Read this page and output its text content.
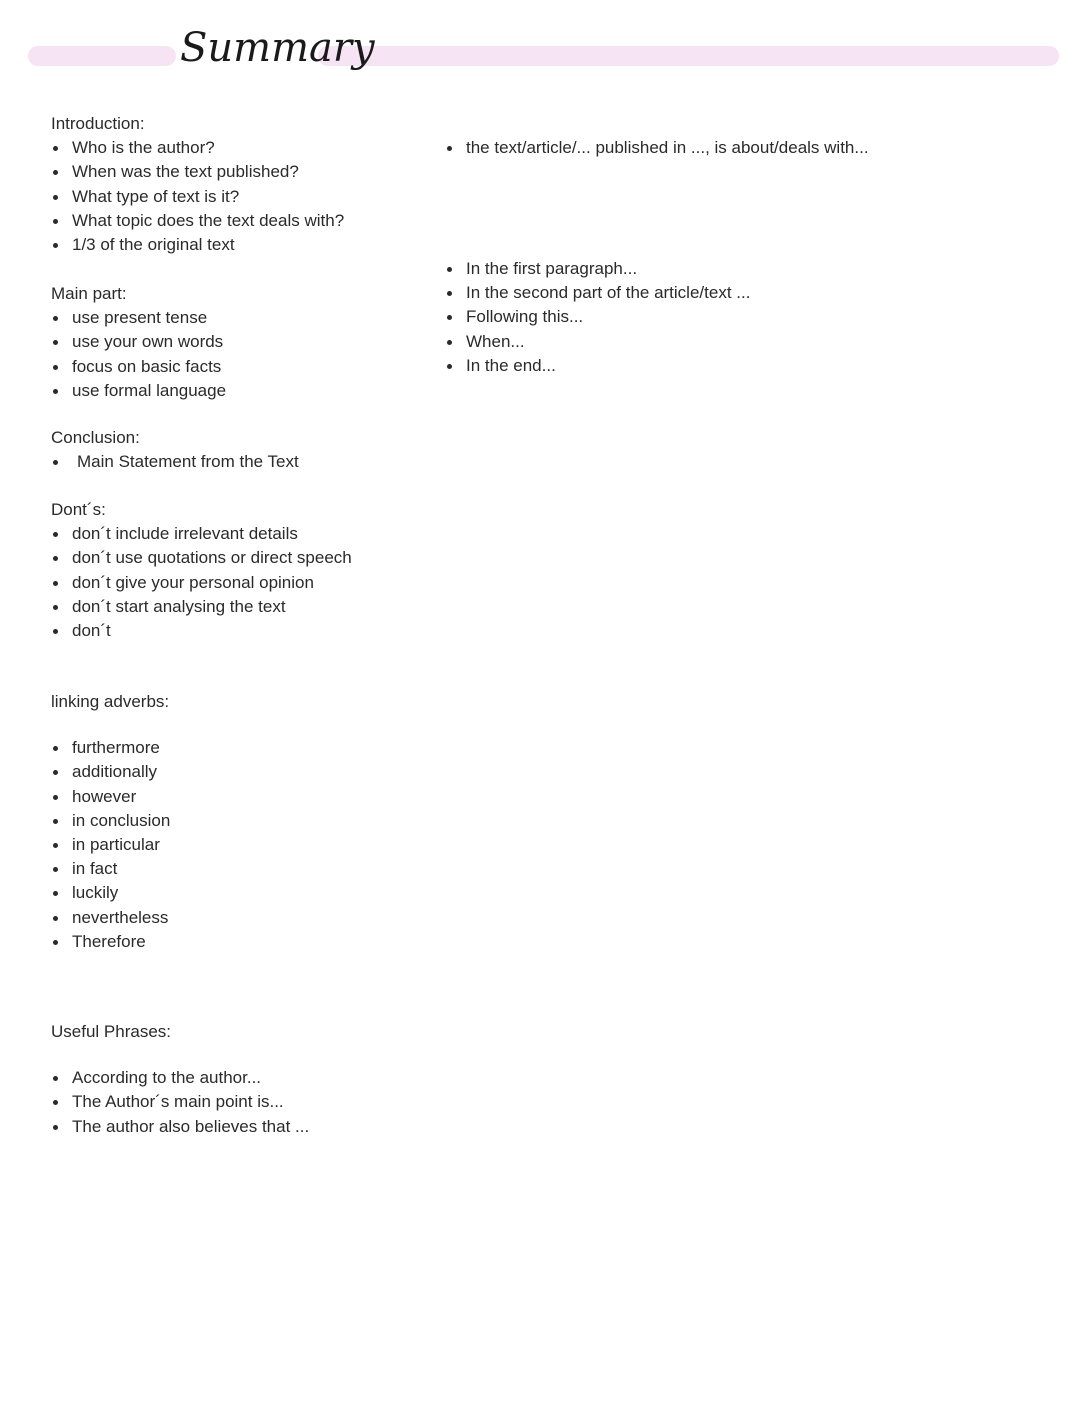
Summary

Introduction:

Who is the author?
When was the text published?
What type of text is it?
What topic does the text deals with?
1/3 of the original text

Main part:

use present tense
use your own words
focus on basic facts
use formal language

Conclusion:

Main Statement from the Text

Dont´s:

don´t include irrelevant details
don´t use quotations or direct speech
don´t give your personal opinion
don´t start analysing the text
don´t

linking adverbs:

furthermore
additionally
however
in conclusion
in particular
in fact
luckily
nevertheless
Therefore

Useful Phrases:

According to the author...
The Author´s main point is...
The author also believes that ...
the text/article/... published in ..., is about/deals with...
In the first paragraph...
In the second part of the article/text ...
Following this...
When...
In the end...
